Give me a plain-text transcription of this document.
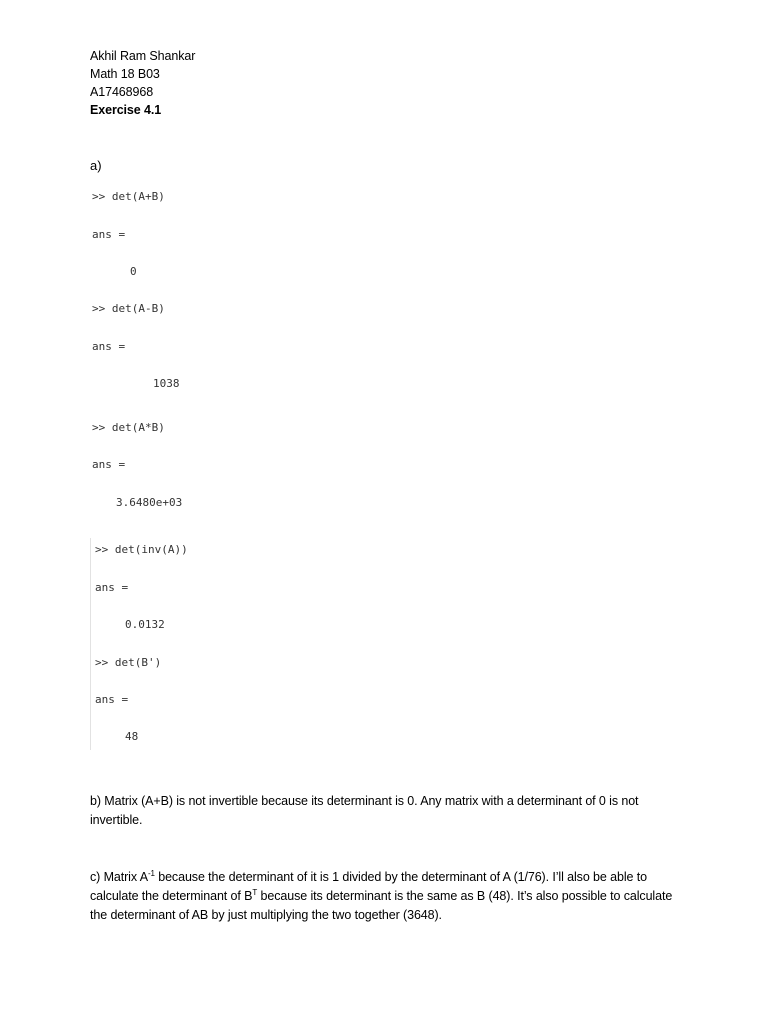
Akhil Ram Shankar
Math 18 B03
A17468968
Exercise 4.1
a)
>> det(A+B)
ans =
0
>> det(A-B)
ans =
1038
>> det(A*B)
ans =
3.6480e+03
>> det(inv(A))
ans =
0.0132
>> det(B')
ans =
48
b) Matrix (A+B) is not invertible because its determinant is 0. Any matrix with a determinant of 0 is not invertible.
c) Matrix $A^{-1}$ because the determinant of it is 1 divided by the determinant of A (1/76). I’ll also be able to calculate the determinant of $B^T$ because its determinant is the same as B (48). It’s also possible to calculate the determinant of AB by just multiplying the two together (3648).
